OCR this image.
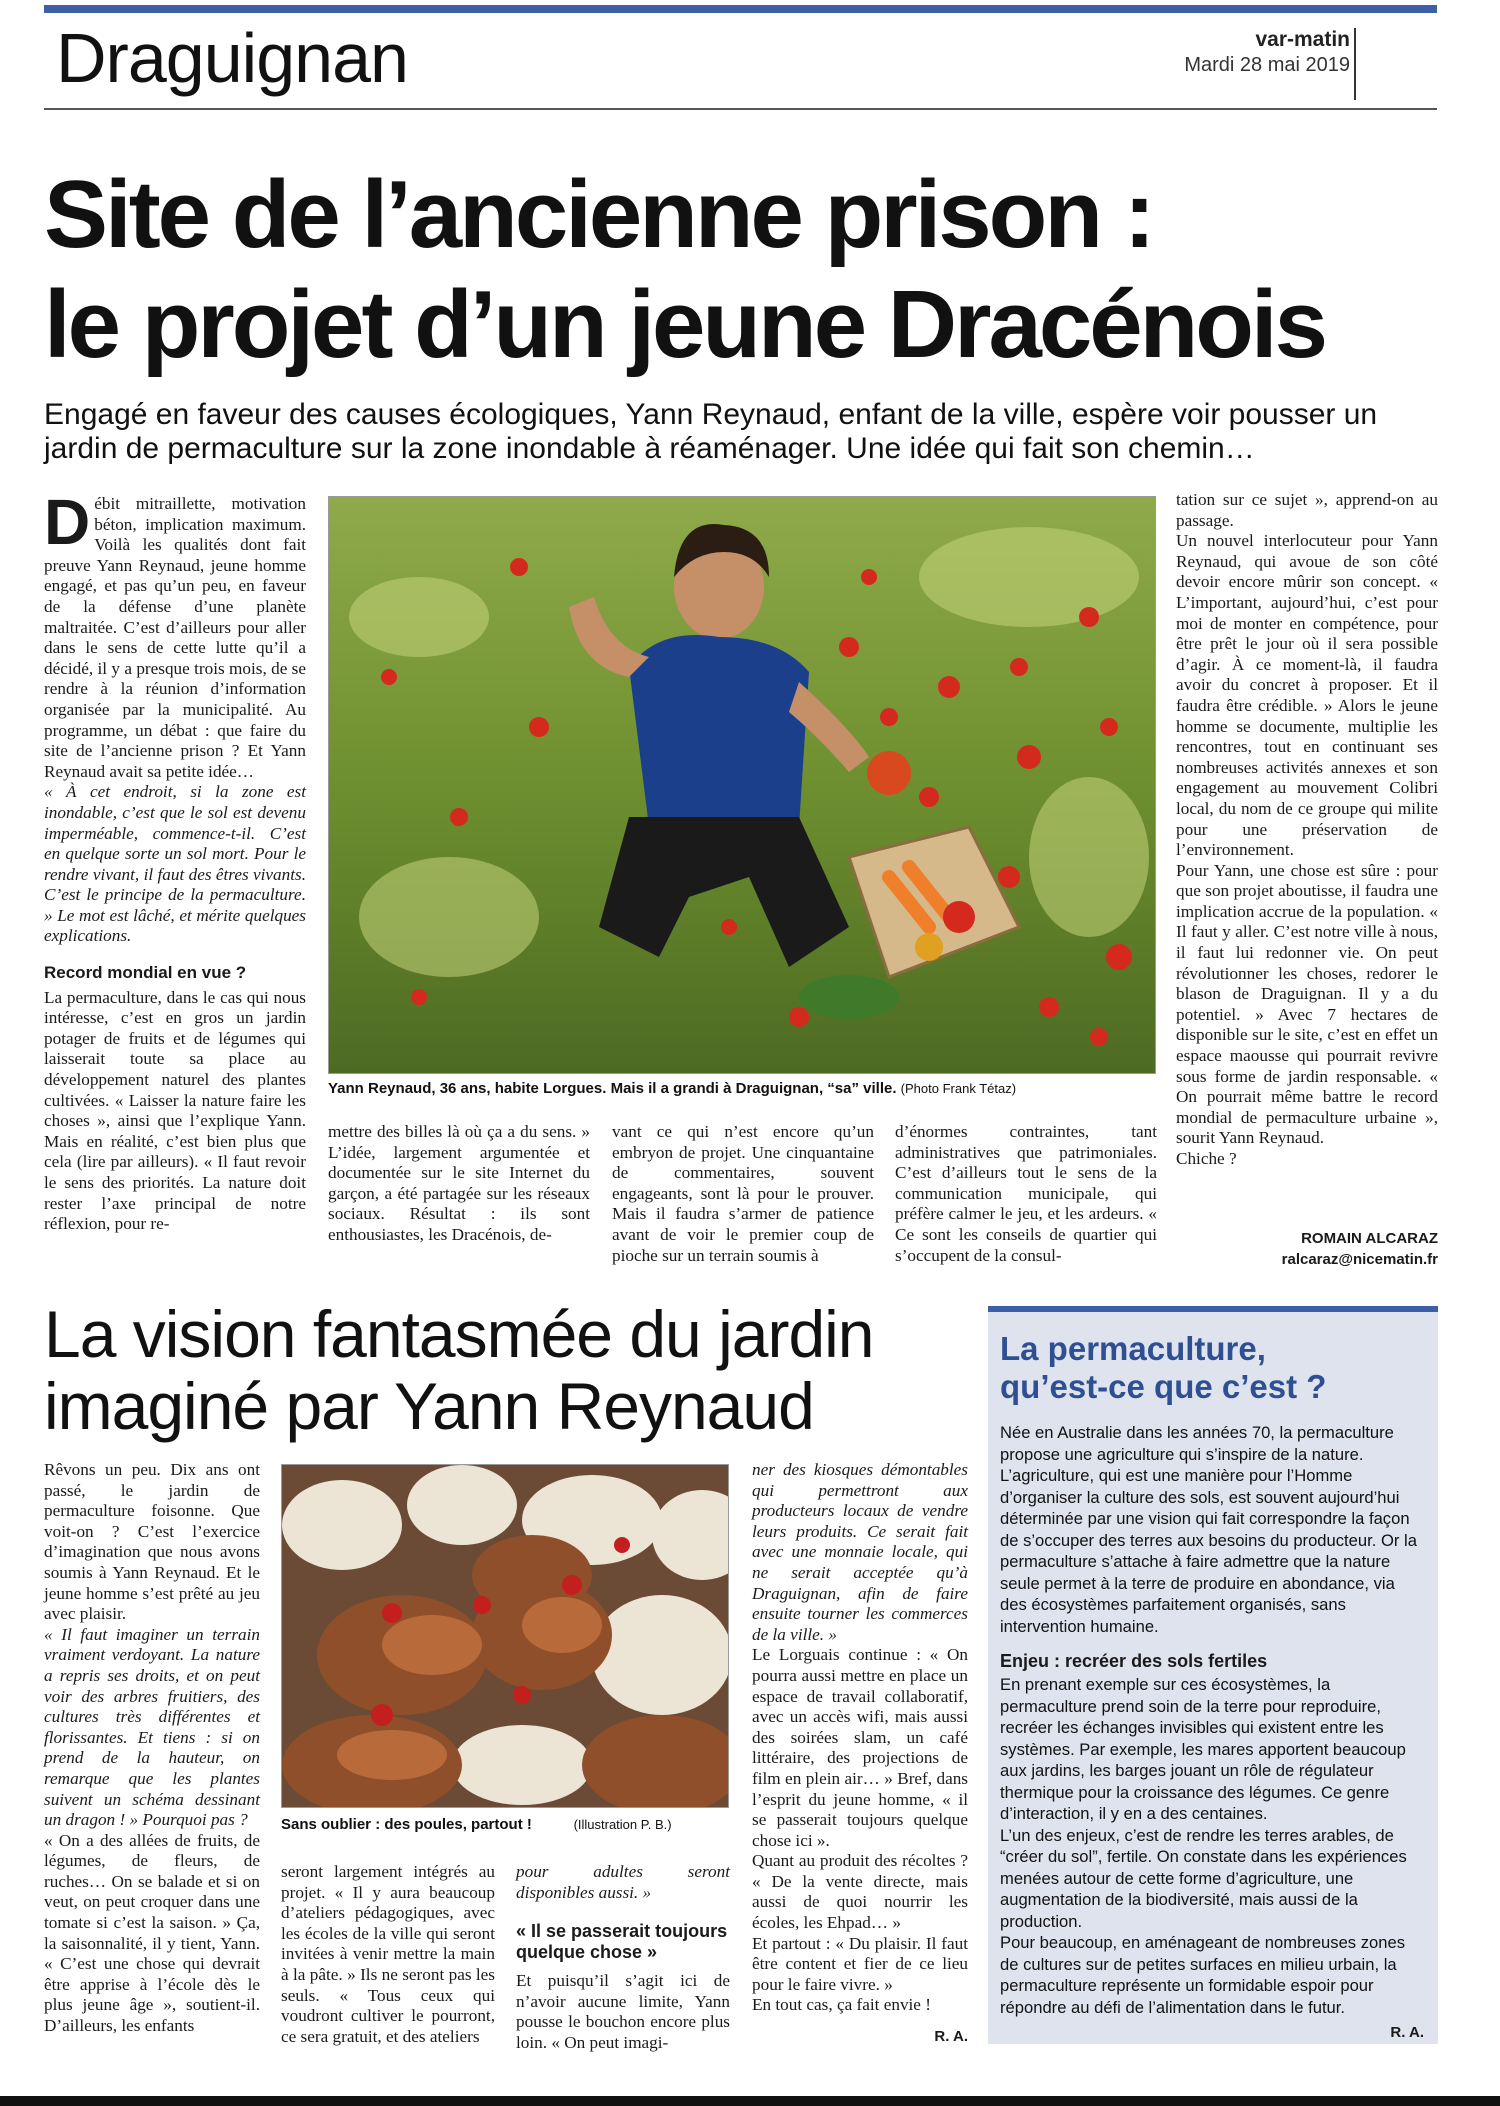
Draguignan	var-matin
Mardi 28 mai 2019
Site de l’ancienne prison :
le projet d’un jeune Dracénois
Engagé en faveur des causes écologiques, Yann Reynaud, enfant de la ville, espère voir pousser un jardin de permaculture sur la zone inondable à réaménager. Une idée qui fait son chemin…

Débit mitraillette, motivation béton, implication maximum. Voilà les qualités dont fait preuve Yann Reynaud, jeune homme engagé, et pas qu’un peu, en faveur de la défense d’une planète maltraitée. C’est d’ailleurs pour aller dans le sens de cette lutte qu’il a décidé, il y a presque trois mois, de se rendre à la réunion d’information organisée par la municipalité. Au programme, un débat : que faire du site de l’ancienne prison ? Et Yann Reynaud avait sa petite idée…

« À cet endroit, si la zone est inondable, c’est que le sol est devenu imperméable, commence-t-il. C’est en quelque sorte un sol mort. Pour le rendre vivant, il faut des êtres vivants. C’est le principe de la permaculture. » Le mot est lâché, et mérite quelques explications.

Record mondial en vue ?

La permaculture, dans le cas qui nous intéresse, c’est en gros un jardin potager de fruits et de légumes qui laisserait toute sa place au développement naturel des plantes cultivées. « Laisser la nature faire les choses », ainsi que l’explique Yann. Mais en réalité, c’est bien plus que cela (lire par ailleurs). « Il faut revoir le sens des priorités. La nature doit rester l’axe principal de notre réflexion, pour re-

Yann Reynaud, 36 ans, habite Lorgues. Mais il a grandi à Draguignan, “sa” ville. (Photo Frank Tétaz)

mettre des billes là où ça a du sens. » L’idée, largement argumentée et documentée sur le site Internet du garçon, a été partagée sur les réseaux sociaux. Résultat : ils sont enthousiastes, les Dracénois, de-

vant ce qui n’est encore qu’un embryon de projet. Une cinquantaine de commentaires, souvent engageants, sont là pour le prouver. Mais il faudra s’armer de patience avant de voir le premier coup de pioche sur un terrain soumis à

d’énormes contraintes, tant administratives que patrimoniales. C’est d’ailleurs tout le sens de la communication municipale, qui préfère calmer le jeu, et les ardeurs. « Ce sont les conseils de quartier qui s’occupent de la consul-

tation sur ce sujet », apprend-on au passage.

Un nouvel interlocuteur pour Yann Reynaud, qui avoue de son côté devoir encore mûrir son concept. « L’important, aujourd’hui, c’est pour moi de monter en compétence, pour être prêt le jour où il sera possible d’agir. À ce moment-là, il faudra avoir du concret à proposer. Et il faudra être crédible. » Alors le jeune homme se documente, multiplie les rencontres, tout en continuant ses nombreuses activités annexes et son engagement au mouvement Colibri local, du nom de ce groupe qui milite pour une préservation de l’environnement.

Pour Yann, une chose est sûre : pour que son projet aboutisse, il faudra une implication accrue de la population. « Il faut y aller. C’est notre ville à nous, il faut lui redonner vie. On peut révolutionner les choses, redorer le blason de Draguignan. Il y a du potentiel. » Avec 7 hectares de disponible sur le site, c’est en effet un espace maousse qui pourrait revivre sous forme de jardin responsable. « On pourrait même battre le record mondial de permaculture urbaine », sourit Yann Reynaud.

Chiche ?

ROMAIN ALCARAZ
ralcaraz@nicematin.fr
La vision fantasmée du jardin
imaginé par Yann Reynaud

Rêvons un peu. Dix ans ont passé, le jardin de permaculture foisonne. Que voit-on ? C’est l’exercice d’imagination que nous avons soumis à Yann Reynaud. Et le jeune homme s’est prêté au jeu avec plaisir.

« Il faut imaginer un terrain vraiment verdoyant. La nature a repris ses droits, et on peut voir des arbres fruitiers, des cultures très différentes et florissantes. Et tiens : si on prend de la hauteur, on remarque que les plantes suivent un schéma dessinant un dragon ! » Pourquoi pas ?

« On a des allées de fruits, de légumes, de fleurs, de ruches… On se balade et si on veut, on peut croquer dans une tomate si c’est la saison. » Ça, la saisonnalité, il y tient, Yann. « C’est une chose qui devrait être apprise à l’école dès le plus jeune âge », soutient-il. D’ailleurs, les enfants

Sans oublier : des poules, partout !	(Illustration P. B.)

seront largement intégrés au projet. « Il y aura beaucoup d’ateliers pédagogiques, avec les écoles de la ville qui seront invitées à venir mettre la main à la pâte. » Ils ne seront pas les seuls. « Tous ceux qui voudront cultiver le pourront, ce sera gratuit, et des ateliers

pour adultes seront disponibles aussi. »

« Il se passerait toujours quelque chose »

Et puisqu’il s’agit ici de n’avoir aucune limite, Yann pousse le bouchon encore plus loin. « On peut imagi-

ner des kiosques démontables qui permettront aux producteurs locaux de vendre leurs produits. Ce serait fait avec une monnaie locale, qui ne serait acceptée qu’à Draguignan, afin de faire ensuite tourner les commerces de la ville. »

Le Lorguais continue : « On pourra aussi mettre en place un espace de travail collaboratif, avec un accès wifi, mais aussi des soirées slam, un café littéraire, des projections de film en plein air… » Bref, dans l’esprit du jeune homme, « il se passerait toujours quelque chose ici ».

Quant au produit des récoltes ? « De la vente directe, mais aussi de quoi nourrir les écoles, les Ehpad… »

Et partout : « Du plaisir. Il faut être content et fier de ce lieu pour le faire vivre. »

En tout cas, ça fait envie !

R. A.
La permaculture,
qu’est-ce que c’est ?
Née en Australie dans les années 70, la permaculture propose une agriculture qui s’inspire de la nature. L’agriculture, qui est une manière pour l’Homme d’organiser la culture des sols, est souvent aujourd’hui déterminée par une vision qui fait correspondre la façon de s’occuper des terres aux besoins du producteur. Or la permaculture s’attache à faire admettre que la nature seule permet à la terre de produire en abondance, via des écosystèmes parfaitement organisés, sans intervention humaine.
Enjeu : recréer des sols fertiles
En prenant exemple sur ces écosystèmes, la permaculture prend soin de la terre pour reproduire, recréer les échanges invisibles qui existent entre les systèmes. Par exemple, les mares apportent beaucoup aux jardins, les barges jouant un rôle de régulateur thermique pour la croissance des légumes. Ce genre d’interaction, il y en a des centaines.
L’un des enjeux, c’est de rendre les terres arables, de “créer du sol”, fertile. On constate dans les expériences menées autour de cette forme d’agriculture, une augmentation de la biodiversité, mais aussi de la production.
Pour beaucoup, en aménageant de nombreuses zones de cultures sur de petites surfaces en milieu urbain, la permaculture représente un formidable espoir pour répondre au défi de l’alimentation dans le futur.
R. A.
